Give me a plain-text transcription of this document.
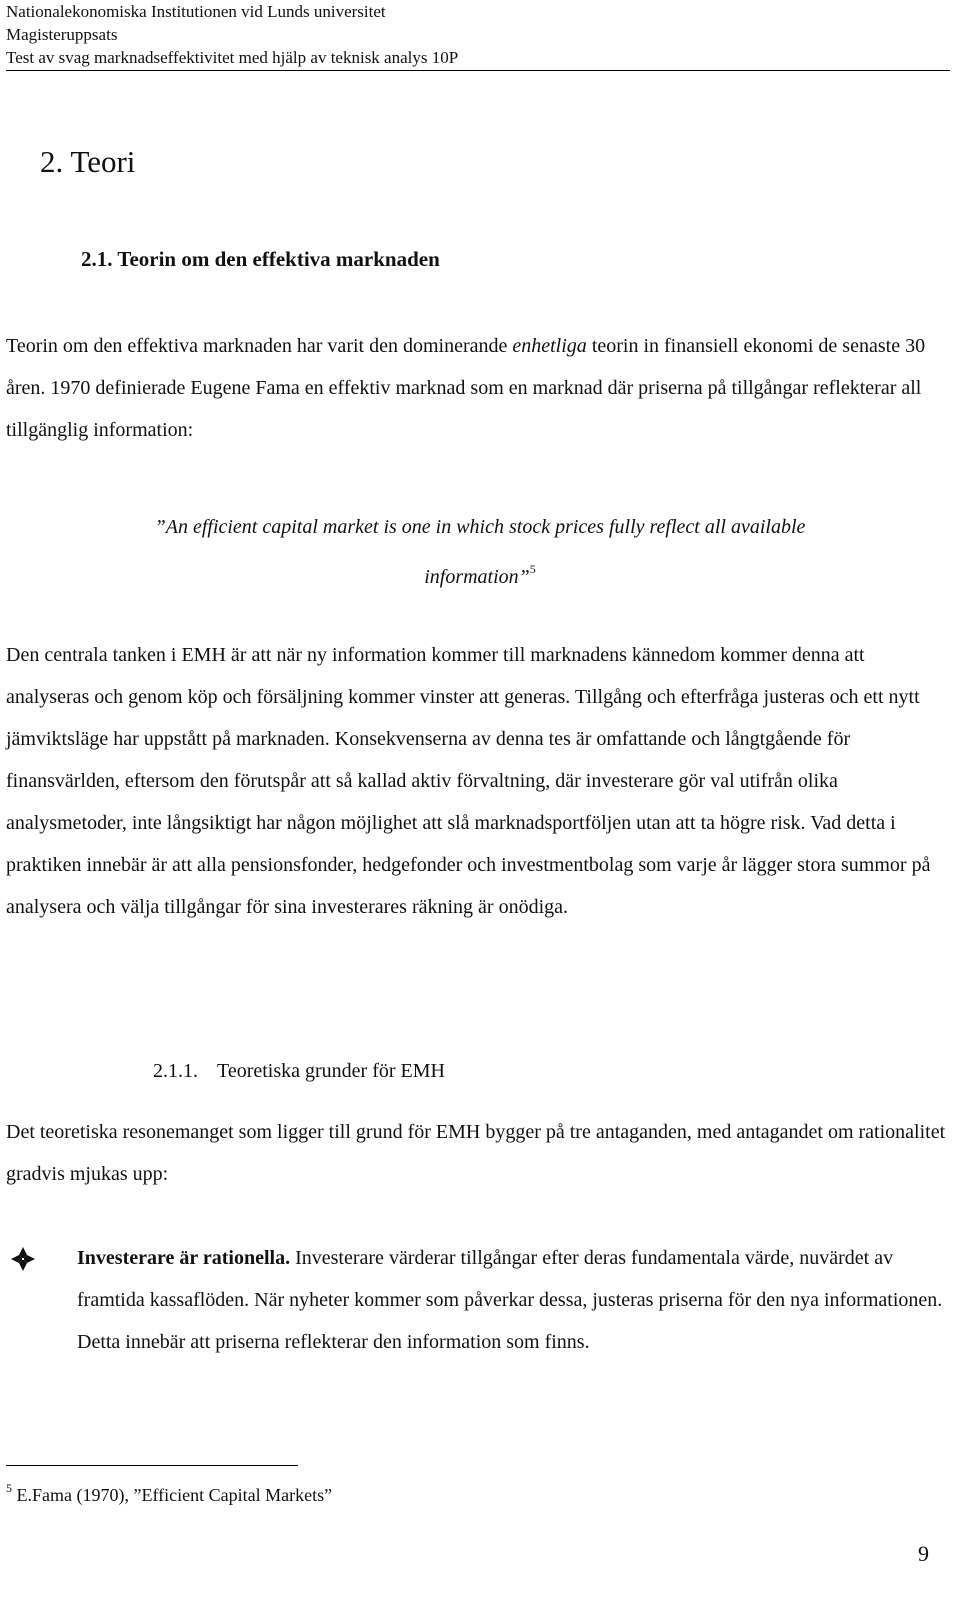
Nationalekonomiska Institutionen vid Lunds universitet
Magisteruppsats
Test av svag marknadseffektivitet med hjälp av teknisk analys 10P
2. Teori
2.1. Teorin om den effektiva marknaden
Teorin om den effektiva marknaden har varit den dominerande enhetliga teorin in finansiell ekonomi de senaste 30 åren. 1970 definierade Eugene Fama en effektiv marknad som en marknad där priserna på tillgångar reflekterar all tillgänglig information:
”An efficient capital market is one in which stock prices fully reflect all available information”$^5$
Den centrala tanken i EMH är att när ny information kommer till marknadens kännedom kommer denna att analyseras och genom köp och försäljning kommer vinster att generas. Tillgång och efterfråga justeras och ett nytt jämviktsläge har uppstått på marknaden. Konsekvenserna av denna tes är omfattande och långtgående för finansvärlden, eftersom den förutspår att så kallad aktiv förvaltning, där investerare gör val utifrån olika analysmetoder, inte långsiktigt har någon möjlighet att slå marknadsportföljen utan att ta högre risk. Vad detta i praktiken innebär är att alla pensionsfonder, hedgefonder och investmentbolag som varje år lägger stora summor på analysera och välja tillgångar för sina investerares räkning är onödiga.
2.1.1. Teoretiska grunder för EMH
Det teoretiska resonemanget som ligger till grund för EMH bygger på tre antaganden, med antagandet om rationalitet gradvis mjukas upp:
Investerare är rationella. Investerare värderar tillgångar efter deras fundamentala värde, nuvärdet av framtida kassaflöden. När nyheter kommer som påverkar dessa, justeras priserna för den nya informationen. Detta innebär att priserna reflekterar den information som finns.
$^5$ E.Fama (1970), ”Efficient Capital Markets”
9
